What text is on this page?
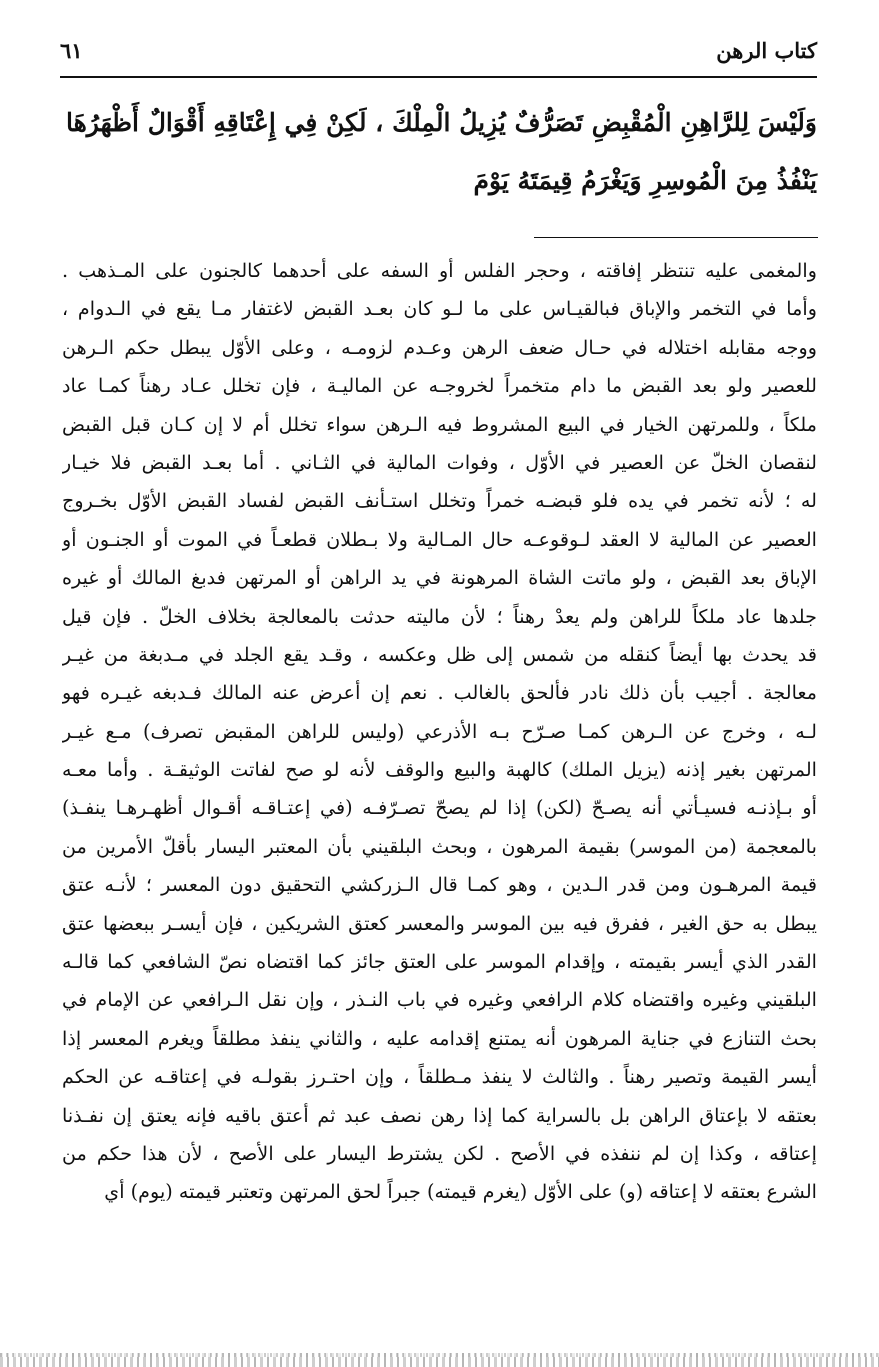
كتاب الرهن
٦١
وَلَيْسَ لِلرَّاهِنِ الْمُقْبِضِ تَصَرُّفٌ يُزِيلُ الْمِلْكَ ، لَكِنْ فِي إِعْتَاقِهِ أَقْوَالٌ أَظْهَرُهَا يَنْفُذُ مِنَ الْمُوسِرِ وَيَغْرَمُ قِيمَتَهُ يَوْمَ
والمغمى عليه تنتظر إفاقته ، وحجر الفلس أو السفه على أحدهما كالجنون على المـذهب .
وأما في التخمر والإباق فبالقيـاس على ما لـو كان بعـد القبض لاغتفار مـا يقع في الـدوام ،
ووجه مقابله اختلاله في حـال ضعف الرهن وعـدم لزومـه ، وعلى الأوّل يبطل حكم الـرهن
للعصير ولو بعد القبض ما دام متخمراً لخروجـه عن الماليـة ، فإن تخلل عـاد رهناً كمـا عاد
ملكاً ، وللمرتهن الخيار في البيع المشروط فيه الـرهن سواء تخلل أم لا إن كـان قبل القبض
لنقصان الخلّ عن العصير في الأوّل ، وفوات المالية في الثـاني . أما بعـد القبض فلا خيـار
له ؛ لأنه تخمر في يده فلو قبضـه خمراً وتخلل استـأنف القبض لفساد القبض الأوّل بخـروج
العصير عن المالية لا العقد لـوقوعـه حال المـالية ولا بـطلان قطعـاً في الموت أو الجنـون أو
الإباق بعد القبض ، ولو ماتت الشاة المرهونة في يد الراهن أو المرتهن فدبغ المالك أو غيره
جلدها عاد ملكاً للراهن ولم يعدْ رهناً ؛ لأن ماليته حدثت بالمعالجة بخلاف الخلّ . فإن قيل
قد يحدث بها أيضاً كنقله من شمس إلى ظل وعكسه ، وقـد يقع الجلد في مـدبغة من غيـر
معالجة . أجيب بأن ذلك نادر فألحق بالغالب . نعم إن أعرض عنه المالك فـدبغه غيـره فهو
لـه ، وخرج عن الـرهن كمـا صـرّح بـه الأذرعي (وليس للراهن المقبض تصرف) مـع غيـر
المرتهن بغير إذنه (يزيل الملك) كالهبة والبيع والوقف لأنه لو صح لفاتت الوثيقـة . وأما معـه
أو بـإذنـه فسيـأتي أنه يصـحّ (لكن) إذا لم يصحّ تصـرّفـه (في إعتـاقـه أقـوال أظهـرهـا ينفـذ)
بالمعجمة (من الموسر) بقيمة المرهون ، وبحث البلقيني بأن المعتبر اليسار بأقلّ الأمرين من
قيمة المرهـون ومن قدر الـدين ، وهو كمـا قال الـزركشي التحقيق دون المعسر ؛ لأنـه عتق
يبطل به حق الغير ، ففرق فيه بين الموسر والمعسر كعتق الشريكين ، فإن أيسـر ببعضها عتق
القدر الذي أيسر بقيمته ، وإقدام الموسر على العتق جائز كما اقتضاه نصّ الشافعي كما قالـه
البلقيني وغيره واقتضاه كلام الرافعي وغيره في باب النـذر ، وإن نقل الـرافعي عن الإمام في
بحث التنازع في جناية المرهون أنه يمتنع إقدامه عليه ، والثاني ينفذ مطلقاً ويغرم المعسر إذا
أيسر القيمة وتصير رهناً . والثالث لا ينفذ مـطلقاً ، وإن احتـرز بقولـه في إعتاقـه عن الحكم
بعتقه لا بإعتاق الراهن بل بالسراية كما إذا رهن نصف عبد ثم أعتق باقيه فإنه يعتق إن نفـذنا
إعتاقه ، وكذا إن لم ننفذه في الأصح . لكن يشترط اليسار على الأصح ، لأن هذا حكم من
الشرع بعتقه لا إعتاقه (و) على الأوّل (يغرم قيمته) جبراً لحق المرتهن وتعتبر قيمته (يوم) أي
